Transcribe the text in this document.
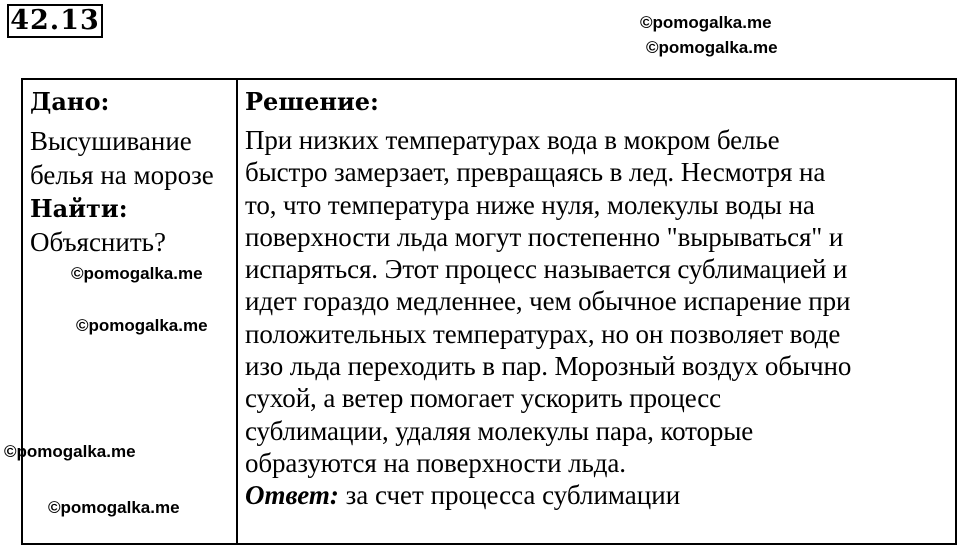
42.13	©pomogalka.me
©pomogalka.me
Дано:
Высушивание белья на морозе
Найти:
Объяснить?
Решение:
При низких температурах вода в мокром белье
быстро замерзает, превращаясь в лед. Несмотря на
то, что температура ниже нуля, молекулы воды на
поверхности льда могут постепенно "вырываться" и
испаряться. Этот процесс называется сублимацией и
идет гораздо медленнее, чем обычное испарение при
положительных температурах, но он позволяет воде
изо льда переходить в пар. Морозный воздух обычно
сухой, а ветер помогает ускорить процесс
сублимации, удаляя молекулы пара, которые
образуются на поверхности льда.
Ответ: за счет процесса сублимации
©pomogalka.me
©pomogalka.me
©pomogalka.me
©pomogalka.me
